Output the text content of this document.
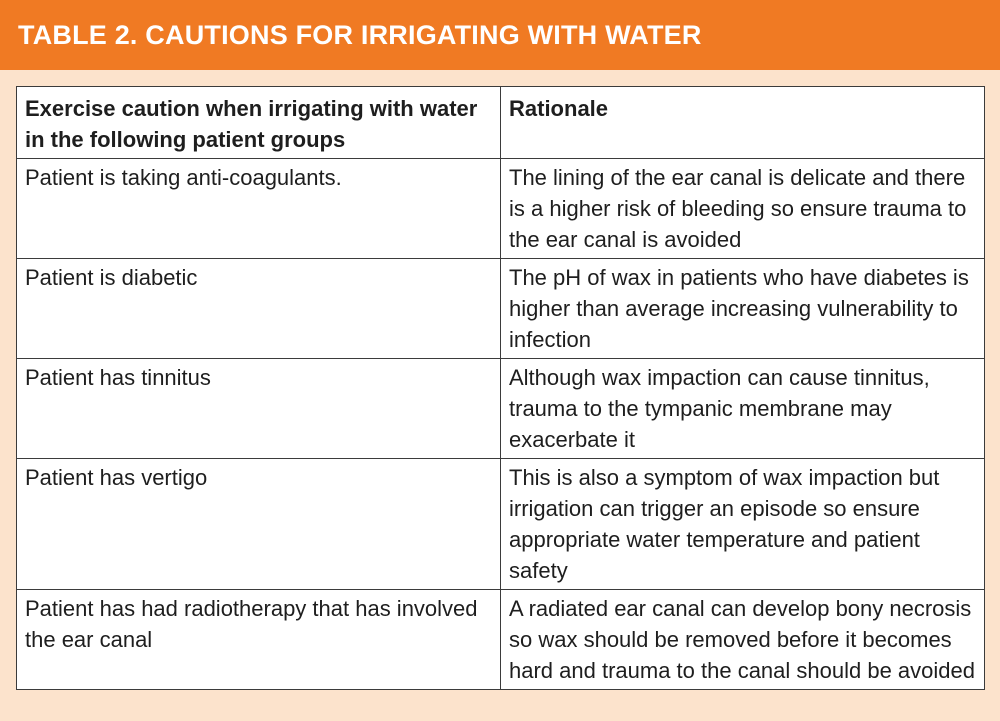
TABLE 2. CAUTIONS FOR IRRIGATING WITH WATER
Exercise caution when irrigating with water in the following patient groups	Rationale
Patient is taking anti-coagulants.	The lining of the ear canal is delicate and there is a higher risk of bleeding so ensure trauma to the ear canal is avoided
Patient is diabetic	The pH of wax in patients who have diabetes is higher than average increasing vulnerability to infection
Patient has tinnitus	Although wax impaction can cause tinnitus, trauma to the tympanic membrane may exacerbate it
Patient has vertigo	This is also a symptom of wax impaction but irrigation can trigger an episode so ensure appropriate water temperature and patient safety
Patient has had radiotherapy that has involved the ear canal	A radiated ear canal can develop bony necrosis so wax should be removed before it becomes hard and trauma to the canal should be avoided
